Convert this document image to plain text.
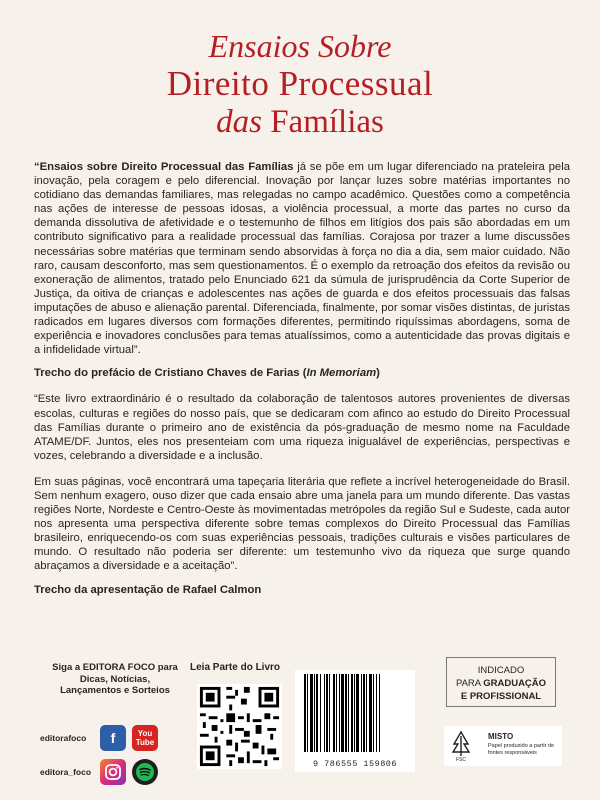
Ensaios Sobre
Direito Processual
das Famílias

“Ensaios sobre Direito Processual das Famílias já se põe em um lugar diferenciado na prateleira pela inovação, pela coragem e pelo diferencial. Inovação por lançar luzes sobre matérias importantes no cotidiano das demandas familiares, mas relegadas no campo acadêmico. Questões como a competência nas ações de interesse de pessoas idosas, a violência processual, a morte das partes no curso da demanda dissolutiva de afetividade e o testemunho de filhos em litígios dos pais são abordadas em um contributo significativo para a realidade processual das famílias. Corajosa por trazer a lume discussões necessárias sobre matérias que terminam sendo absorvidas à força no dia a dia, sem maior cuidado. Não raro, causam desconforto, mas sem questionamentos. É o exemplo da retroação dos efeitos da revisão ou exoneração de alimentos, tratado pelo Enunciado 621 da súmula de jurisprudência da Corte Superior de Justiça, da oitiva de crianças e adolescentes nas ações de guarda e dos efeitos processuais das falsas imputações de abuso e alienação parental. Diferenciada, finalmente, por somar visões distintas, de juristas radicados em lugares diversos com formações diferentes, permitindo riquíssimas abordagens, soma de experiência e inovadores conclusões para temas atualíssimos, como a autenticidade das provas digitais e a infidelidade virtual”.

Trecho do prefácio de Cristiano Chaves de Farias (In Memoriam)

“Este livro extraordinário é o resultado da colaboração de talentosos autores provenientes de diversas escolas, culturas e regiões do nosso país, que se dedicaram com afinco ao estudo do Direito Processual das Famílias durante o primeiro ano de existência da pós-graduação de mesmo nome na Faculdade ATAME/DF. Juntos, eles nos presenteiam com uma riqueza inigualável de experiências, perspectivas e vozes, celebrando a diversidade e a inclusão.

Em suas páginas, você encontrará uma tapeçaria literária que reflete a incrível heterogeneidade do Brasil. Sem nenhum exagero, ouso dizer que cada ensaio abre uma janela para um mundo diferente. Das vastas regiões Norte, Nordeste e Centro-Oeste às movimentadas metrópoles da região Sul e Sudeste, cada autor nos apresenta uma perspectiva diferente sobre temas complexos do Direito Processual das Famílias brasileiro, enriquecendo-os com suas experiências pessoais, tradições culturais e visões particulares de mundo. O resultado não poderia ser diferente: um testemunho vivo da riqueza que surge quando abraçamos a diversidade e a aceitação”.

Trecho da apresentação de Rafael Calmon

Siga a EDITORA FOCO para Dicas, Notícias, Lançamentos e Sorteios
editorafoco	f	You
Tube
editora_foco
Leia Parte do Livro
9 786555 159806
INDICADO
PARA GRADUAÇÃO
E PROFISSIONAL
FSC
MISTO
Papel produzido a partir de fontes responsáveis
